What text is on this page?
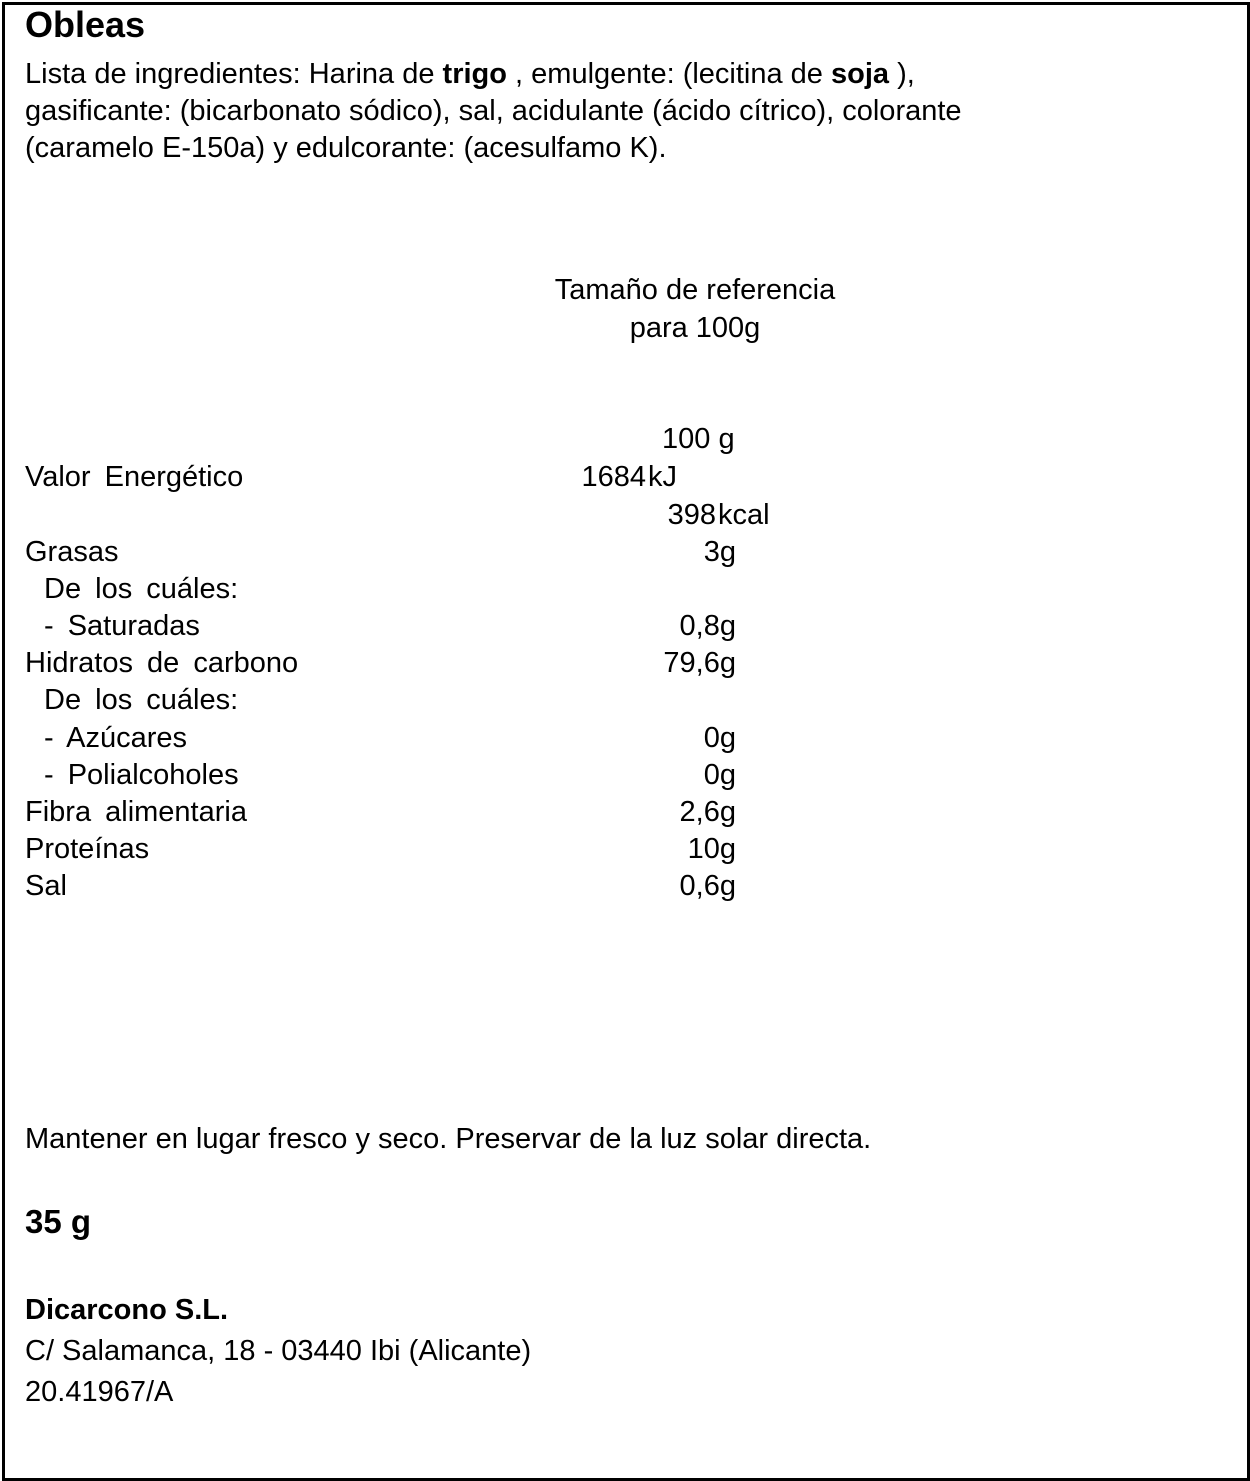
Obleas
Lista de ingredientes: Harina de trigo , emulgente: (lecitina de soja ),
gasificante: (bicarbonato sódico), sal, acidulante (ácido cítrico), colorante
(caramelo E-150a) y edulcorante: (acesulfamo K).
Tamaño de referencia
para 100g
100 g
Valor Energético	1684 kJ
398 kcal
Grasas	3g
De los cuáles:
- Saturadas	0,8g
Hidratos de carbono	79,6g
De los cuáles:
- Azúcares	0g
- Polialcoholes	0g
Fibra alimentaria	2,6g
Proteínas	10g
Sal	0,6g
Mantener en lugar fresco y seco. Preservar de la luz solar directa.
35 g
Dicarcono S.L.
C/ Salamanca, 18 - 03440 Ibi (Alicante)
20.41967/A
